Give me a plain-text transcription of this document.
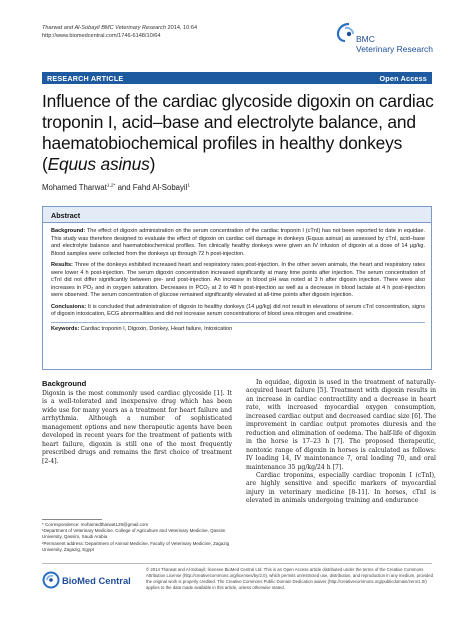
Tharwat and Al-Sobayil BMC Veterinary Research 2014, 10:64
http://www.biomedcentral.com/1746-6148/10/64	BMC
Veterinary Research
RESEARCH ARTICLE	Open Access
Influence of the cardiac glycoside digoxin on cardiac troponin I, acid–base and electrolyte balance, and haematobiochemical profiles in healthy donkeys (Equus asinus)
Mohamed Tharwat$^{1,2*}$ and Fahd Al-Sobayil$^1$
Abstract

Background: The effect of digoxin administration on the serum concentration of the cardiac troponin I (cTnI) has not been reported to date in equidae. This study was therefore designed to evaluate the effect of digoxin on cardiac cell damage in donkeys (Equus asinus) as assessed by cTnI, acid–base and electrolyte balance and haematobiochemical profiles. Ten clinically healthy donkeys were given an IV infusion of digoxin at a dose of 14 μg/kg. Blood samples were collected from the donkeys up through 72 h post-injection.

Results: Three of the donkeys exhibited increased heart and respiratory rates post-injection. In the other seven animals, the heart and respiratory rates were lower 4 h post-injection. The serum digoxin concentration increased significantly at many time points after injection. The serum concentration of cTnI did not differ significantly between pre- and post-injection. An increase in blood pH was noted at 3 h after digoxin injection. There were also increases in PO₂ and in oxygen saturation. Decreases in PCO₂ at 2 to 48 h post-injection as well as a decrease in blood lactate at 4 h post-injection were observed. The serum concentration of glucose remained significantly elevated at all-time points after digoxin injection.

Conclusions: It is concluded that administration of digoxin to healthy donkeys (14 μg/kg) did not result in elevations of serum cTnI concentration, signs of digoxin intoxication, ECG abnormalities and did not increase serum concentrations of blood urea nitrogen and creatinine.

Keywords: Cardiac troponin I, Digoxin, Donkey, Heart failure, Intoxication

Background

Digoxin is the most commonly used cardiac glycoside [1]. It is a well-tolerated and inexpensive drug which has been wide use for many years as a treatment for heart failure and arrhythmia. Although a number of sophisticated management options and new therapeutic agents have been developed in recent years for the treatment of patients with heart failure, digoxin is still one of the most frequently prescribed drugs and remains the first choice of treatment [2-4].

In equidae, digoxin is used in the treatment of naturally-acquired heart failure [5]. Treatment with digoxin results in an increase in cardiac contractility and a decrease in heart rate, with increased myocardial oxygen consumption, increased cardiac output and decreased cardiac size [6]. The improvement in cardiac output promotes diuresis and the reduction and elimination of oedema. The half-life of digoxin in the horse is 17–23 h [7]. The proposed therapeutic, nontoxic range of digoxin in horses is calculated as follows: IV loading 14, IV maintenance 7, oral loading 70, and oral maintenance 35 μg/kg/24 h [7].

Cardiac troponins, especially cardiac troponin I (cTnI), are highly sensitive and specific markers of myocardial injury in veterinary medicine [8-11]. In horses, cTnI is elevated in animals undergoing training and endurance

* Correspondence: mohamedtharwat129@gmail.com
¹Department of Veterinary Medicine, College of Agriculture and Veterinary Medicine, Qassim University, Qassim, Saudi Arabia
²Permanent address: Department of Animal Medicine, Faculty of Veterinary Medicine, Zagazig University, Zagazig, Egypt
BioMed Central
© 2014 Tharwat and Al-Sobayil; licensee BioMed Central Ltd. This is an Open Access article distributed under the terms of the Creative Commons Attribution License (http://creativecommons.org/licenses/by/2.0), which permits unrestricted use, distribution, and reproduction in any medium, provided the original work is properly credited. The Creative Commons Public Domain Dedication waiver (http://creativecommons.org/publicdomain/zero/1.0/) applies to the data made available in this article, unless otherwise stated.
